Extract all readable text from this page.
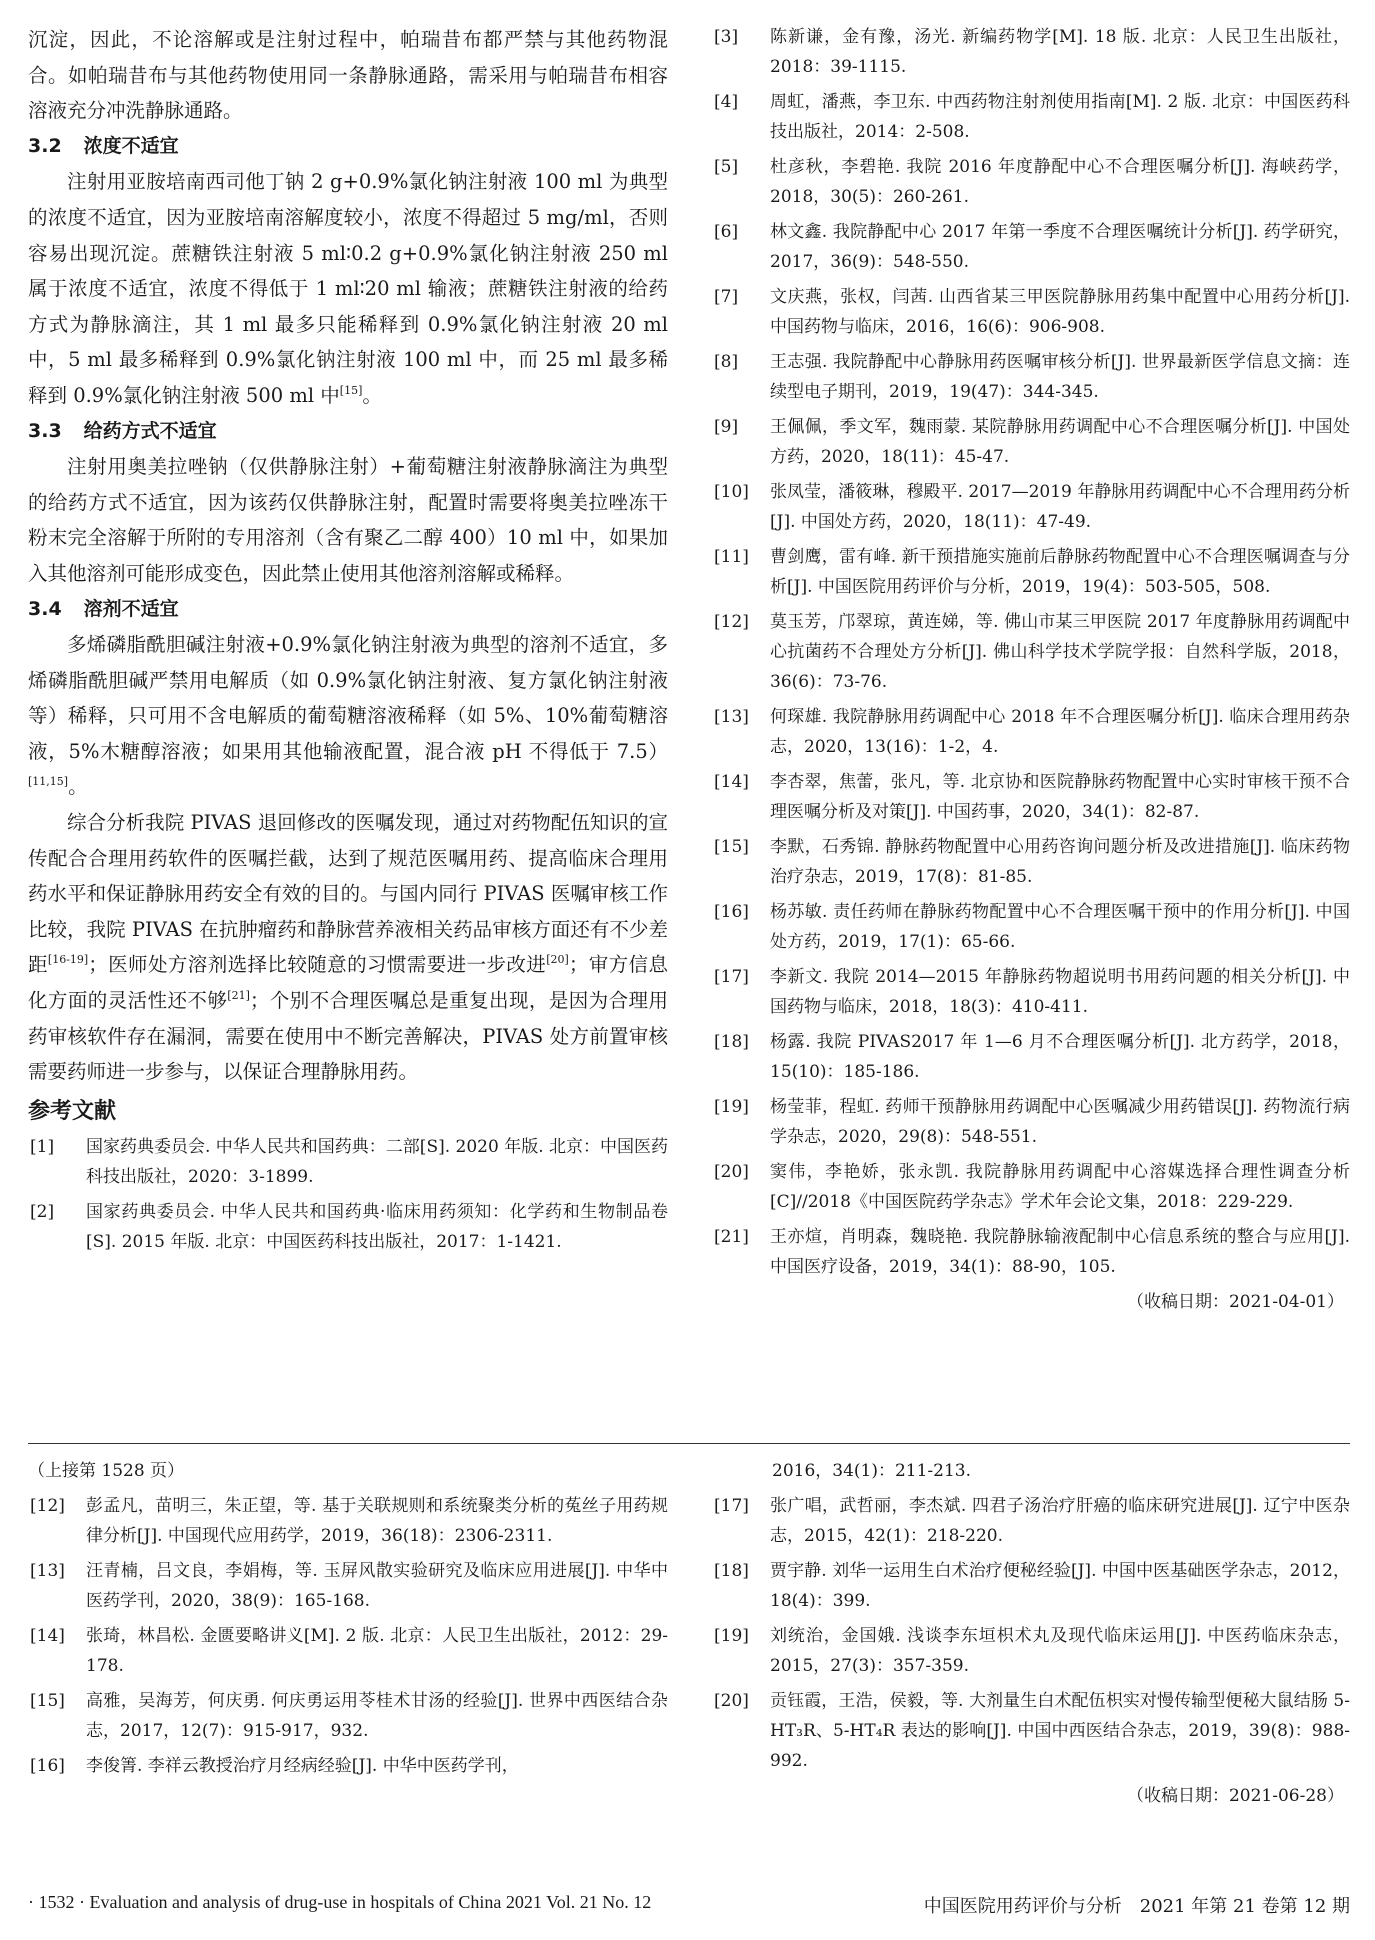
沉淀，因此，不论溶解或是注射过程中，帕瑞昔布都严禁与其他药物混合。如帕瑞昔布与其他药物使用同一条静脉通路，需采用与帕瑞昔布相容溶液充分冲洗静脉通路。

3.2 浓度不适宜

注射用亚胺培南西司他丁钠 2 g+0.9%氯化钠注射液 100 ml 为典型的浓度不适宜，因为亚胺培南溶解度较小，浓度不得超过 5 mg/ml，否则容易出现沉淀。蔗糖铁注射液 5 ml∶0.2 g+0.9%氯化钠注射液 250 ml 属于浓度不适宜，浓度不得低于 1 ml∶20 ml 输液；蔗糖铁注射液的给药方式为静脉滴注，其 1 ml 最多只能稀释到 0.9%氯化钠注射液 20 ml 中，5 ml 最多稀释到 0.9%氯化钠注射液 100 ml 中，而 25 ml 最多稀释到 0.9%氯化钠注射液 500 ml 中[15]。

3.3 给药方式不适宜

注射用奥美拉唑钠（仅供静脉注射）+葡萄糖注射液静脉滴注为典型的给药方式不适宜，因为该药仅供静脉注射，配置时需要将奥美拉唑冻干粉末完全溶解于所附的专用溶剂（含有聚乙二醇 400）10 ml 中，如果加入其他溶剂可能形成变色，因此禁止使用其他溶剂溶解或稀释。

3.4 溶剂不适宜

多烯磷脂酰胆碱注射液+0.9%氯化钠注射液为典型的溶剂不适宜，多烯磷脂酰胆碱严禁用电解质（如 0.9%氯化钠注射液、复方氯化钠注射液等）稀释，只可用不含电解质的葡萄糖溶液稀释（如 5%、10%葡萄糖溶液，5%木糖醇溶液；如果用其他输液配置，混合液 pH 不得低于 7.5）[11,15]。

综合分析我院 PIVAS 退回修改的医嘱发现，通过对药物配伍知识的宣传配合合理用药软件的医嘱拦截，达到了规范医嘱用药、提高临床合理用药水平和保证静脉用药安全有效的目的。与国内同行 PIVAS 医嘱审核工作比较，我院 PIVAS 在抗肿瘤药和静脉营养液相关药品审核方面还有不少差距[16-19]；医师处方溶剂选择比较随意的习惯需要进一步改进[20]；审方信息化方面的灵活性还不够[21]；个别不合理医嘱总是重复出现，是因为合理用药审核软件存在漏洞，需要在使用中不断完善解决，PIVAS 处方前置审核需要药师进一步参与，以保证合理静脉用药。

参考文献
[1]	国家药典委员会. 中华人民共和国药典：二部[S]. 2020 年版. 北京：中国医药科技出版社，2020：3-1899.
[2]	国家药典委员会. 中华人民共和国药典·临床用药须知：化学药和生物制品卷[S]. 2015 年版. 北京：中国医药科技出版社，2017：1-1421.
[3]	陈新谦，金有豫，汤光. 新编药物学[M]. 18 版. 北京：人民卫生出版社，2018：39-1115.
[4]	周虹，潘燕，李卫东. 中西药物注射剂使用指南[M]. 2 版. 北京：中国医药科技出版社，2014：2-508.
[5]	杜彦秋，李碧艳. 我院 2016 年度静配中心不合理医嘱分析[J]. 海峡药学，2018，30(5)：260-261.
[6]	林文鑫. 我院静配中心 2017 年第一季度不合理医嘱统计分析[J]. 药学研究，2017，36(9)：548-550.
[7]	文庆燕，张权，闫茜. 山西省某三甲医院静脉用药集中配置中心用药分析[J]. 中国药物与临床，2016，16(6)：906-908.
[8]	王志强. 我院静配中心静脉用药医嘱审核分析[J]. 世界最新医学信息文摘：连续型电子期刊，2019，19(47)：344-345.
[9]	王佩佩，季文军，魏雨蒙. 某院静脉用药调配中心不合理医嘱分析[J]. 中国处方药，2020，18(11)：45-47.
[10]	张凤莹，潘筱琳，穆殿平. 2017—2019 年静脉用药调配中心不合理用药分析[J]. 中国处方药，2020，18(11)：47-49.
[11]	曹剑鹰，雷有峰. 新干预措施实施前后静脉药物配置中心不合理医嘱调查与分析[J]. 中国医院用药评价与分析，2019，19(4)：503-505，508.
[12]	莫玉芳，邝翠琼，黄连娣，等. 佛山市某三甲医院 2017 年度静脉用药调配中心抗菌药不合理处方分析[J]. 佛山科学技术学院学报：自然科学版，2018，36(6)：73-76.
[13]	何琛雄. 我院静脉用药调配中心 2018 年不合理医嘱分析[J]. 临床合理用药杂志，2020，13(16)：1-2，4.
[14]	李杏翠，焦蕾，张凡，等. 北京协和医院静脉药物配置中心实时审核干预不合理医嘱分析及对策[J]. 中国药事，2020，34(1)：82-87.
[15]	李默，石秀锦. 静脉药物配置中心用药咨询问题分析及改进措施[J]. 临床药物治疗杂志，2019，17(8)：81-85.
[16]	杨苏敏. 责任药师在静脉药物配置中心不合理医嘱干预中的作用分析[J]. 中国处方药，2019，17(1)：65-66.
[17]	李新文. 我院 2014—2015 年静脉药物超说明书用药问题的相关分析[J]. 中国药物与临床，2018，18(3)：410-411.
[18]	杨露. 我院 PIVAS2017 年 1—6 月不合理医嘱分析[J]. 北方药学，2018，15(10)：185-186.
[19]	杨莹菲，程虹. 药师干预静脉用药调配中心医嘱减少用药错误[J]. 药物流行病学杂志，2020，29(8)：548-551.
[20]	窦伟，李艳娇，张永凯. 我院静脉用药调配中心溶媒选择合理性调查分析[C]//2018《中国医院药学杂志》学术年会论文集，2018：229-229.
[21]	王亦煊，肖明森，魏晓艳. 我院静脉输液配制中心信息系统的整合与应用[J]. 中国医疗设备，2019，34(1)：88-90，105.
（收稿日期：2021-04-01）
（上接第 1528 页）
[12]	彭孟凡，苗明三，朱正望，等. 基于关联规则和系统聚类分析的菟丝子用药规律分析[J]. 中国现代应用药学，2019，36(18)：2306-2311.
[13]	汪青楠，吕文良，李娟梅，等. 玉屏风散实验研究及临床应用进展[J]. 中华中医药学刊，2020，38(9)：165-168.
[14]	张琦，林昌松. 金匮要略讲义[M]. 2 版. 北京：人民卫生出版社，2012：29-178.
[15]	高雅，吴海芳，何庆勇. 何庆勇运用苓桂术甘汤的经验[J]. 世界中西医结合杂志，2017，12(7)：915-917，932.
[16]	李俊箐. 李祥云教授治疗月经病经验[J]. 中华中医药学刊，
2016，34(1)：211-213.
[17]	张广唱，武哲丽，李杰斌. 四君子汤治疗肝癌的临床研究进展[J]. 辽宁中医杂志，2015，42(1)：218-220.
[18]	贾宇静. 刘华一运用生白术治疗便秘经验[J]. 中国中医基础医学杂志，2012，18(4)：399.
[19]	刘统治，金国娥. 浅谈李东垣枳术丸及现代临床运用[J]. 中医药临床杂志，2015，27(3)：357-359.
[20]	贡钰霞，王浩，侯毅，等. 大剂量生白术配伍枳实对慢传输型便秘大鼠结肠 5-HT₃R、5-HT₄R 表达的影响[J]. 中国中西医结合杂志，2019，39(8)：988-992.
（收稿日期：2021-06-28）
· 1532 · Evaluation and analysis of drug-use in hospitals of China 2021 Vol. 21 No. 12	中国医院用药评价与分析　2021 年第 21 卷第 12 期
